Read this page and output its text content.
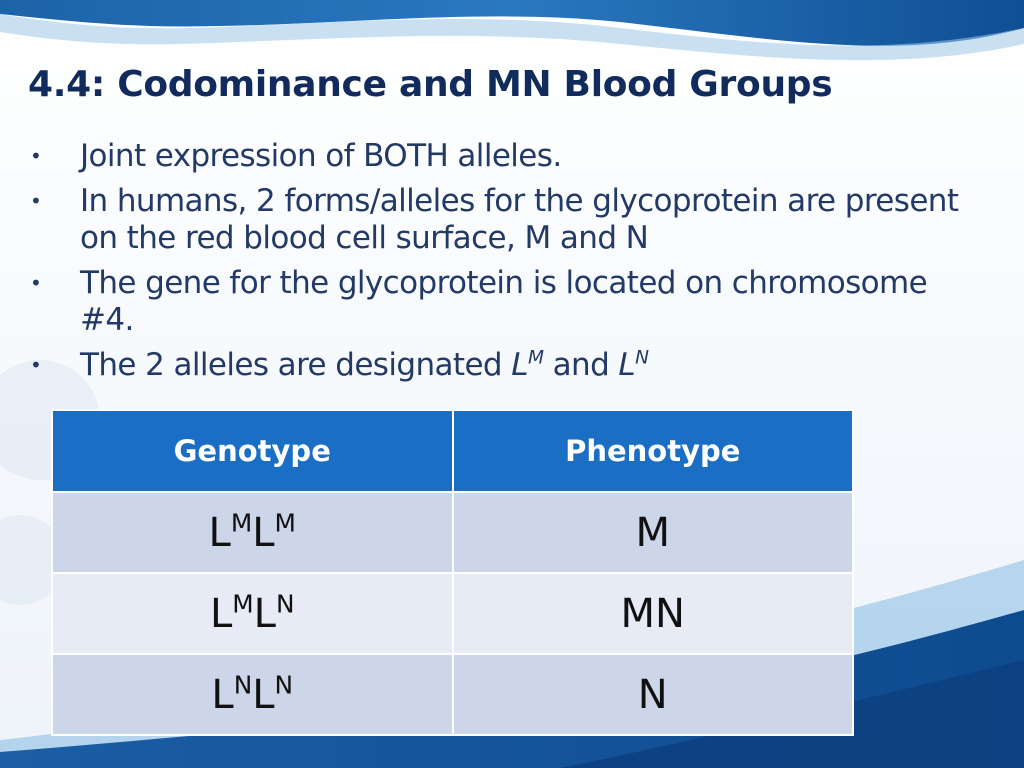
4.4: Codominance and MN Blood Groups
• Joint expression of BOTH alleles.
• In humans, 2 forms/alleles for the glycoprotein are present on the red blood cell surface, M and N
• The gene for the glycoprotein is located on chromosome #4.
• The 2 alleles are designated $L^M$ and $L^N$
Genotype	Phenotype
$L^ML^M$	M
$L^ML^N$	MN
$L^NL^N$	N
